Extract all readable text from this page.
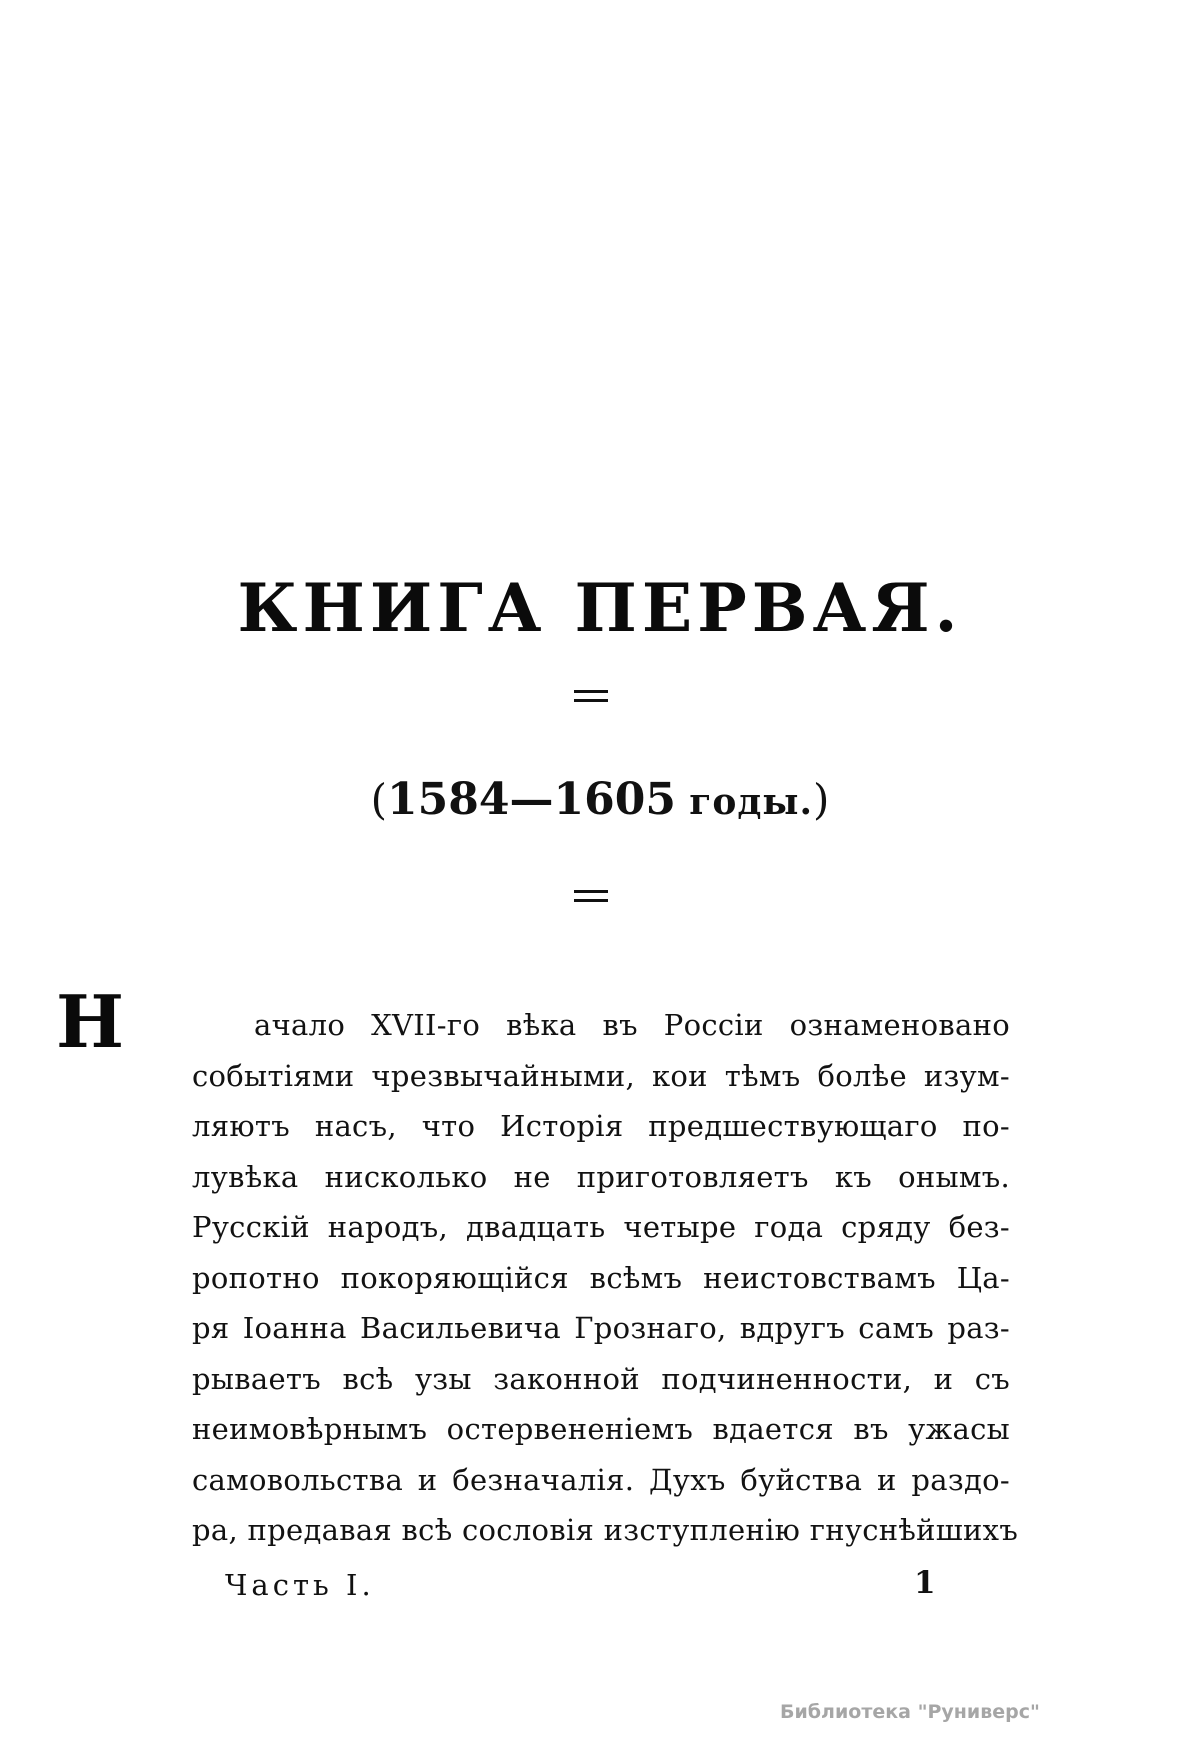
КНИГА ПЕРВАЯ.
(1584—1605 годы.)
Н	ачало XVII-го вѣка въ Россіи ознаменовано
событіями чрезвычайными, кои тѣмъ болѣе изум-
ляютъ насъ, что Исторія предшествующаго по-
лувѣка нисколько не приготовляетъ къ онымъ.
Русскій народъ, двадцать четыре года сряду без-
ропотно покоряющійся всѣмъ неистовствамъ Ца-
ря Іоанна Васильевича Грознаго, вдругъ самъ раз-
рываетъ всѣ узы законной подчиненности, и съ
неимовѣрнымъ остервененіемъ вдается въ ужасы
самовольства и безначалія. Духъ буйства и раздо-
ра, предавая всѣ сословія изступленію гнуснѣйшихъ
Часть I.	1
Библиотека "Руниверс"
